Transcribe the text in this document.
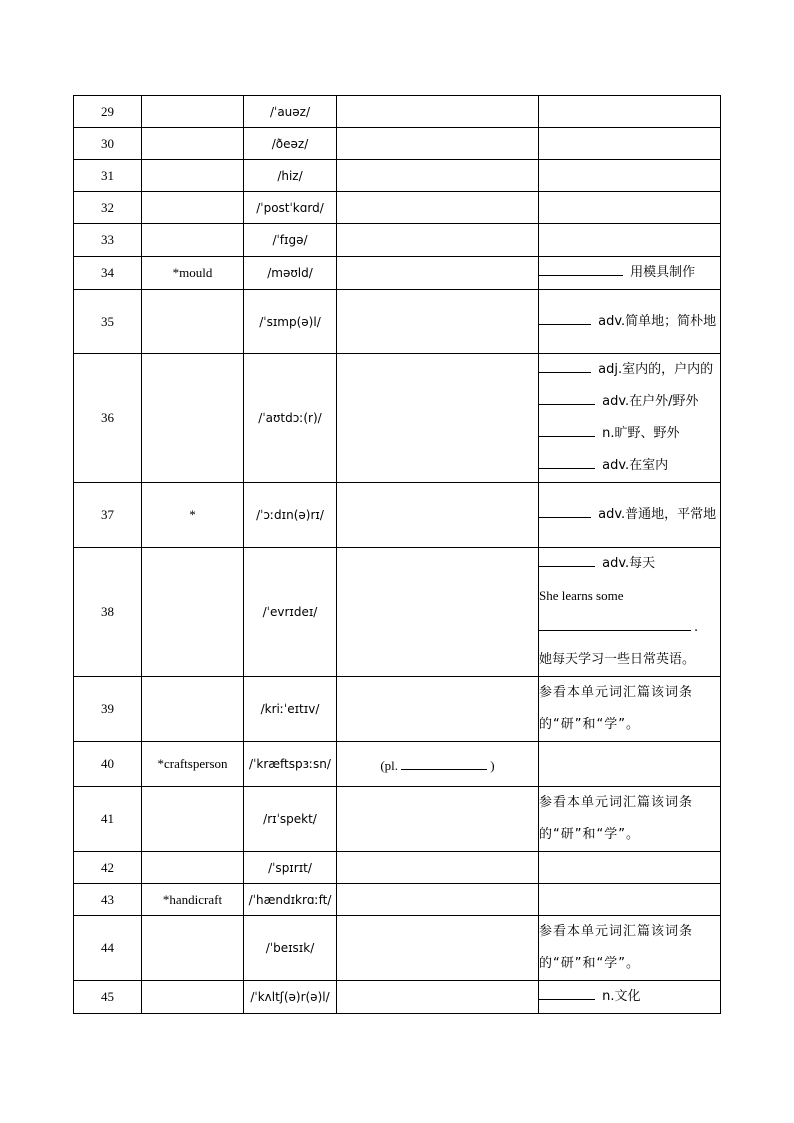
29		/ˈauəz/		
30		/ðeəz/		
31		/hiz/		
32		/ˈpostˈkɑrd/		
33		/ˈfɪgə/		
34	*mould	/məʊld/		用模具制作

35		/ˈsɪmp(ə)l/		adv.简单地；简朴地

36		/ˈaʊtdɔː(r)/		adj.室内的，户内的
adv.在户外/野外
n.旷野、野外
adv.在室内

37	*	/ˈɔːdɪn(ə)rɪ/		adv.普通地，平常地

38		/ˈevrɪdeɪ/		adv.每天
She learns some
.
她每天学习一些日常英语。

39		/kriːˈeɪtɪv/		参看本单元词汇篇该词条的“研”和“学”。

40	*craftsperson	/ˈkræftspɜːsn/	(pl. )	
41		/rɪˈspekt/		参看本单元词汇篇该词条的“研”和“学”。

42		/ˈspɪrɪt/		
43	*handicraft	/ˈhændɪkrɑːft/		
44		/ˈbeɪsɪk/		参看本单元词汇篇该词条的“研”和“学”。

45		/ˈkʌltʃ(ə)r(ə)l/		n.文化
